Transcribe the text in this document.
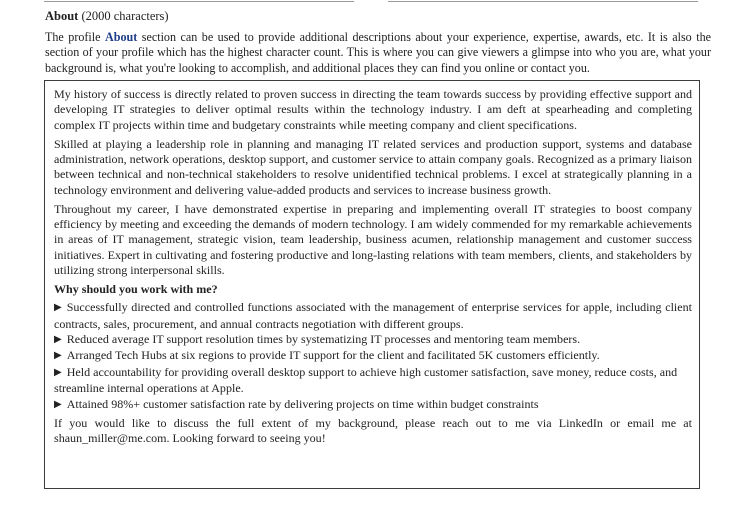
About (2000 characters)
The profile About section can be used to provide additional descriptions about your experience, expertise, awards, etc. It is also the section of your profile which has the highest character count. This is where you can give viewers a glimpse into who you are, what your background is, what you're looking to accomplish, and additional places they can find you online or contact you.

My history of success is directly related to proven success in directing the team towards success by providing effective support and developing IT strategies to deliver optimal results within the technology industry. I am deft at spearheading and completing complex IT projects within time and budgetary constraints while meeting company and client specifications.

Skilled at playing a leadership role in planning and managing IT related services and production support, systems and database administration, network operations, desktop support, and customer service to attain company goals. Recognized as a primary liaison between technical and non-technical stakeholders to resolve unidentified technical problems. I excel at strategically planning in a technology environment and delivering value-added products and services to increase business growth.

Throughout my career, I have demonstrated expertise in preparing and implementing overall IT strategies to boost company efficiency by meeting and exceeding the demands of modern technology. I am widely commended for my remarkable achievements in areas of IT management, strategic vision, team leadership, business acumen, relationship management and customer success initiatives. Expert in cultivating and fostering productive and long-lasting relations with team members, clients, and stakeholders by utilizing strong interpersonal skills.

Why should you work with me?

▶ Successfully directed and controlled functions associated with the management of enterprise services for apple, including client contracts, sales, procurement, and annual contracts negotiation with different groups.
▶ Reduced average IT support resolution times by systematizing IT processes and mentoring team members.
▶ Arranged Tech Hubs at six regions to provide IT support for the client and facilitated 5K customers efficiently.
▶ Held accountability for providing overall desktop support to achieve high customer satisfaction, save money, reduce costs, and streamline internal operations at Apple.
▶ Attained 98%+ customer satisfaction rate by delivering projects on time within budget constraints

If you would like to discuss the full extent of my background, please reach out to me via LinkedIn or email me at shaun_miller@me.com. Looking forward to seeing you!
